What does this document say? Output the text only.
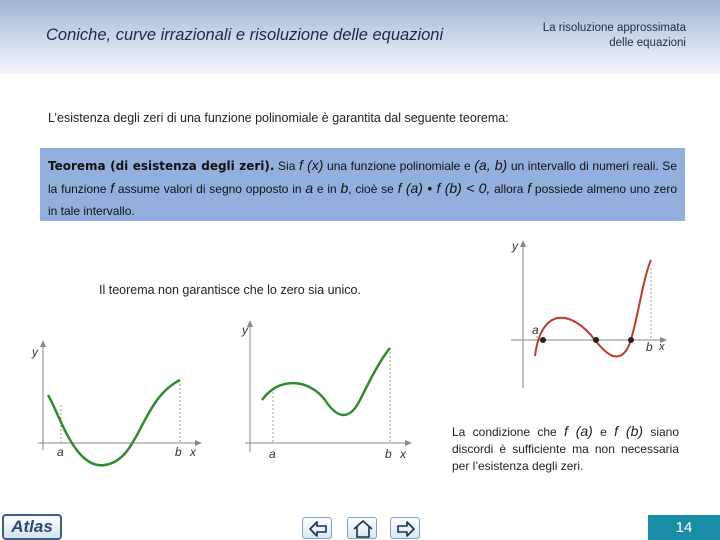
Coniche, curve irrazionali e risoluzione delle equazioni	La risoluzione approssimata
delle equazioni
L’esistenza degli zeri di una funzione polinomiale è garantita dal seguente teorema:
Teorema (di esistenza degli zeri). Sia f (x) una funzione polinomiale e (a, b) un intervallo di numeri reali. Se la funzione f assume valori di segno opposto in a e in b, cioè se f (a) • f (b) < 0, allora f possiede almeno uno zero in tale intervallo.
y
x
a	b
y
x
a	b
y
x
a
b
Il teorema non garantisce che lo zero sia unico.
La condizione che f (a) e f (b) siano discordi è sufficiente ma non necessaria per l’esistenza degli zeri.
Atlas	14
